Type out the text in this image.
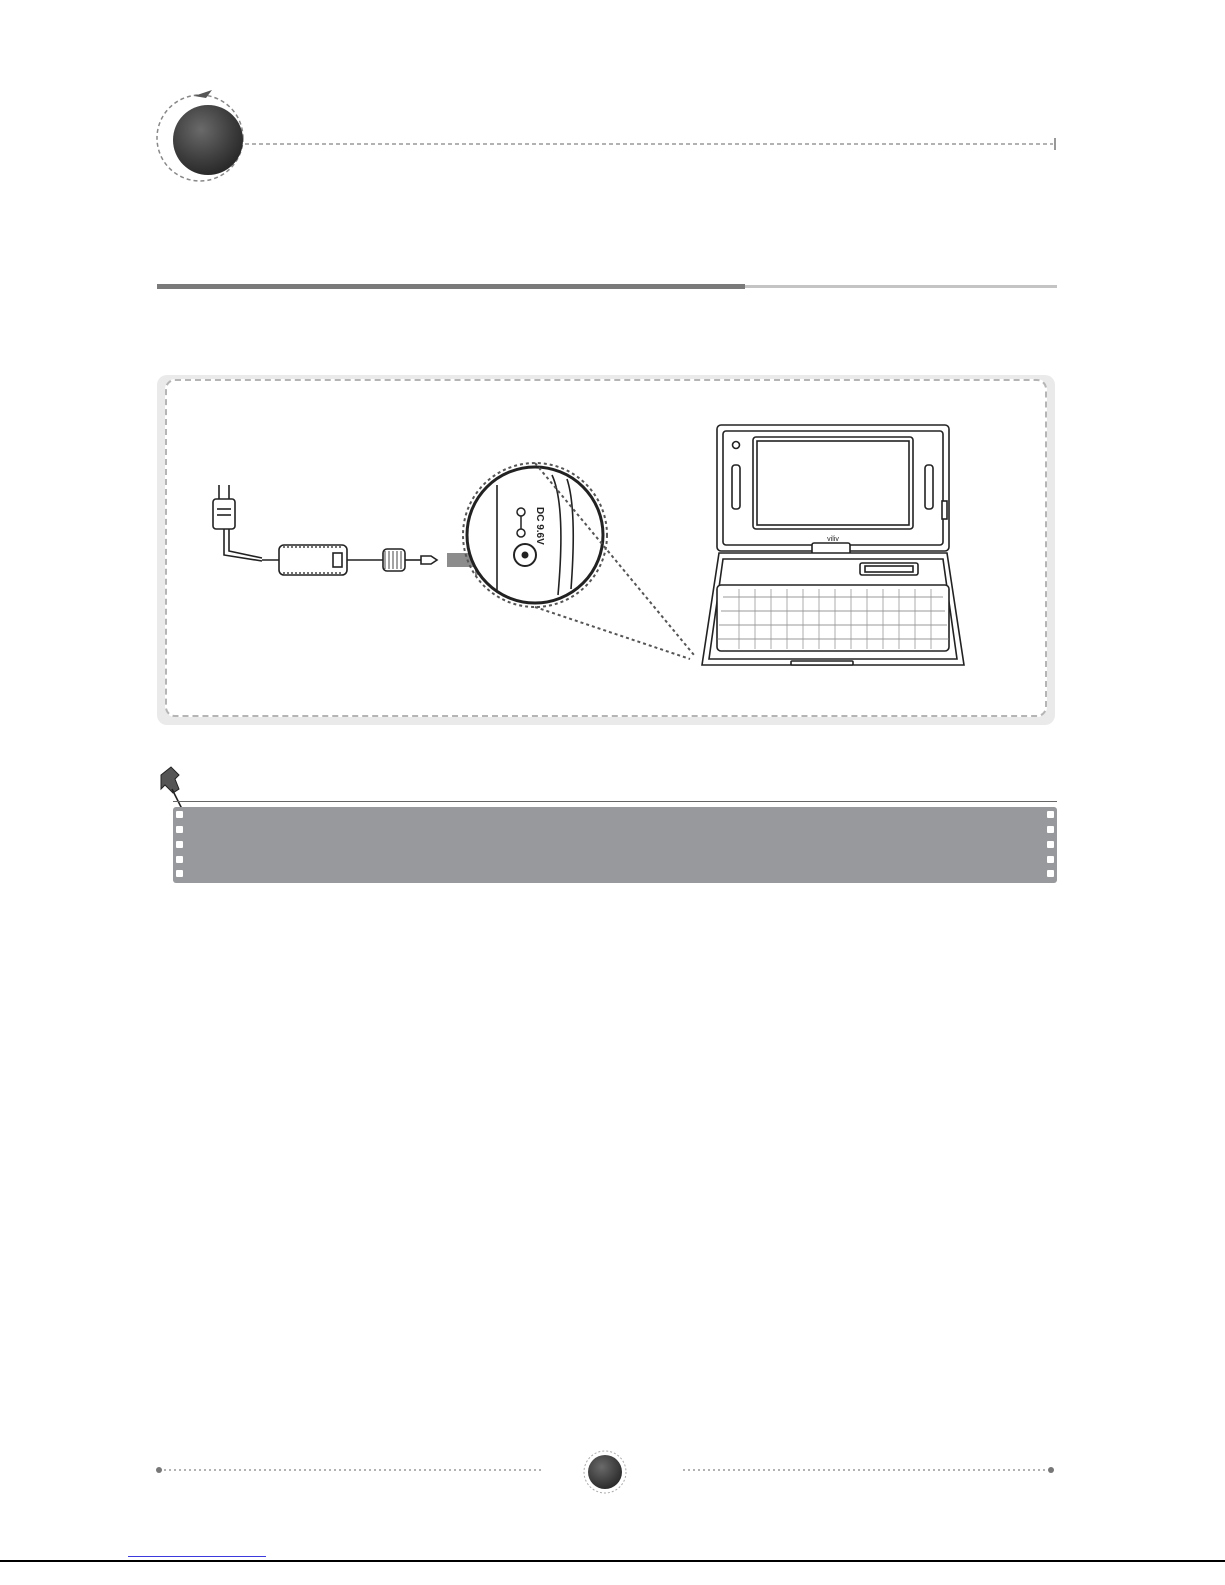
DC 9.6V	viliv
